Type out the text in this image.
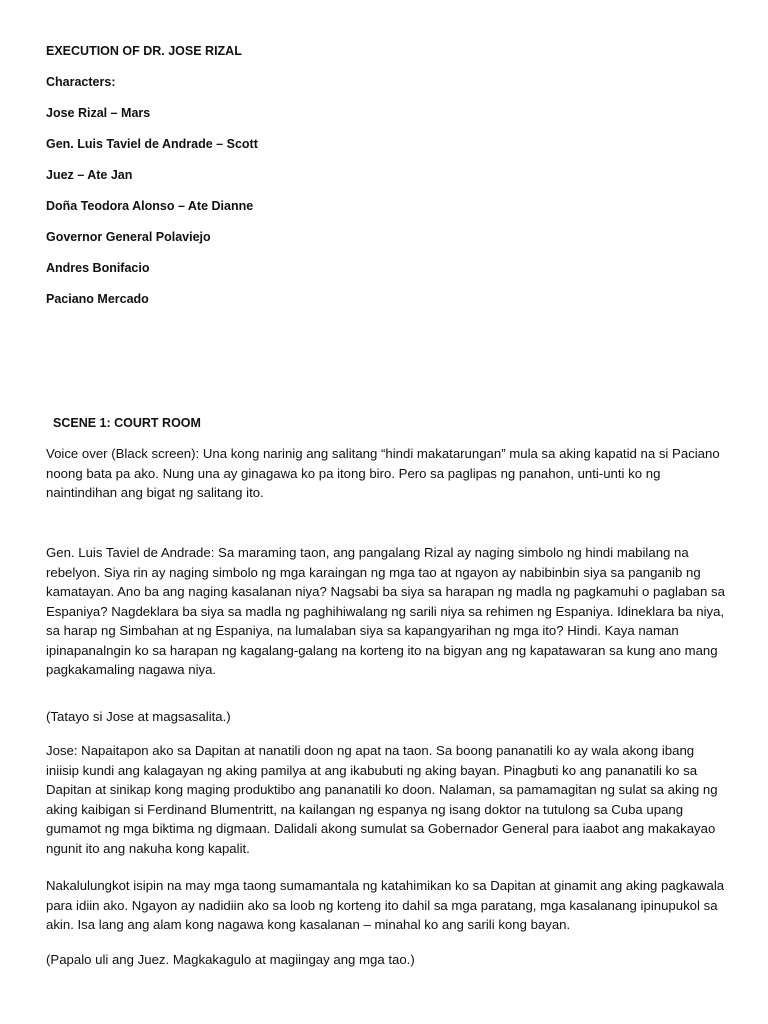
EXECUTION OF DR. JOSE RIZAL
Characters:
Jose Rizal – Mars
Gen. Luis Taviel de Andrade – Scott
Juez – Ate Jan
Doña Teodora Alonso – Ate Dianne
Governor General Polaviejo
Andres Bonifacio
Paciano Mercado
SCENE 1: COURT ROOM

Voice over (Black screen): Una kong narinig ang salitang “hindi makatarungan” mula sa aking kapatid na si Paciano noong bata pa ako. Nung una ay ginagawa ko pa itong biro. Pero sa paglipas ng panahon, unti-unti ko ng naintindihan ang bigat ng salitang ito.

Gen. Luis Taviel de Andrade: Sa maraming taon, ang pangalang Rizal ay naging simbolo ng hindi mabilang na rebelyon. Siya rin ay naging simbolo ng mga karaingan ng mga tao at ngayon ay nabibinbin siya sa panganib ng kamatayan. Ano ba ang naging kasalanan niya? Nagsabi ba siya sa harapan ng madla ng pagkamuhi o paglaban sa Espaniya? Nagdeklara ba siya sa madla ng paghihiwalang ng sarili niya sa rehimen ng Espaniya. Idineklara ba niya, sa harap ng Simbahan at ng Espaniya, na lumalaban siya sa kapangyarihan ng mga ito? Hindi. Kaya naman ipinapanalngin ko sa harapan ng kagalang-galang na korteng ito na bigyan ang ng kapatawaran sa kung ano mang pagkakamaling nagawa niya.

(Tatayo si Jose at magsasalita.)

Jose: Napaitapon ako sa Dapitan at nanatili doon ng apat na taon. Sa boong pananatili ko ay wala akong ibang iniisip kundi ang kalagayan ng aking pamilya at ang ikabubuti ng aking bayan. Pinagbuti ko ang pananatili ko sa Dapitan at sinikap kong maging produktibo ang pananatili ko doon. Nalaman, sa pamamagitan ng sulat sa aking ng aking kaibigan si Ferdinand Blumentritt, na kailangan ng espanya ng isang doktor na tutulong sa Cuba upang gumamot ng mga biktima ng digmaan. Dalidali akong sumulat sa Gobernador General para iaabot ang makakayao ngunit ito ang nakuha kong kapalit.

Nakalulungkot isipin na may mga taong sumamantala ng katahimikan ko sa Dapitan at ginamit ang aking pagkawala para idiin ako. Ngayon ay nadidiin ako sa loob ng korteng ito dahil sa mga paratang, mga kasalanang ipinupukol sa akin. Isa lang ang alam kong nagawa kong kasalanan – minahal ko ang sarili kong bayan.

(Papalo uli ang Juez. Magkakagulo at magiingay ang mga tao.)
